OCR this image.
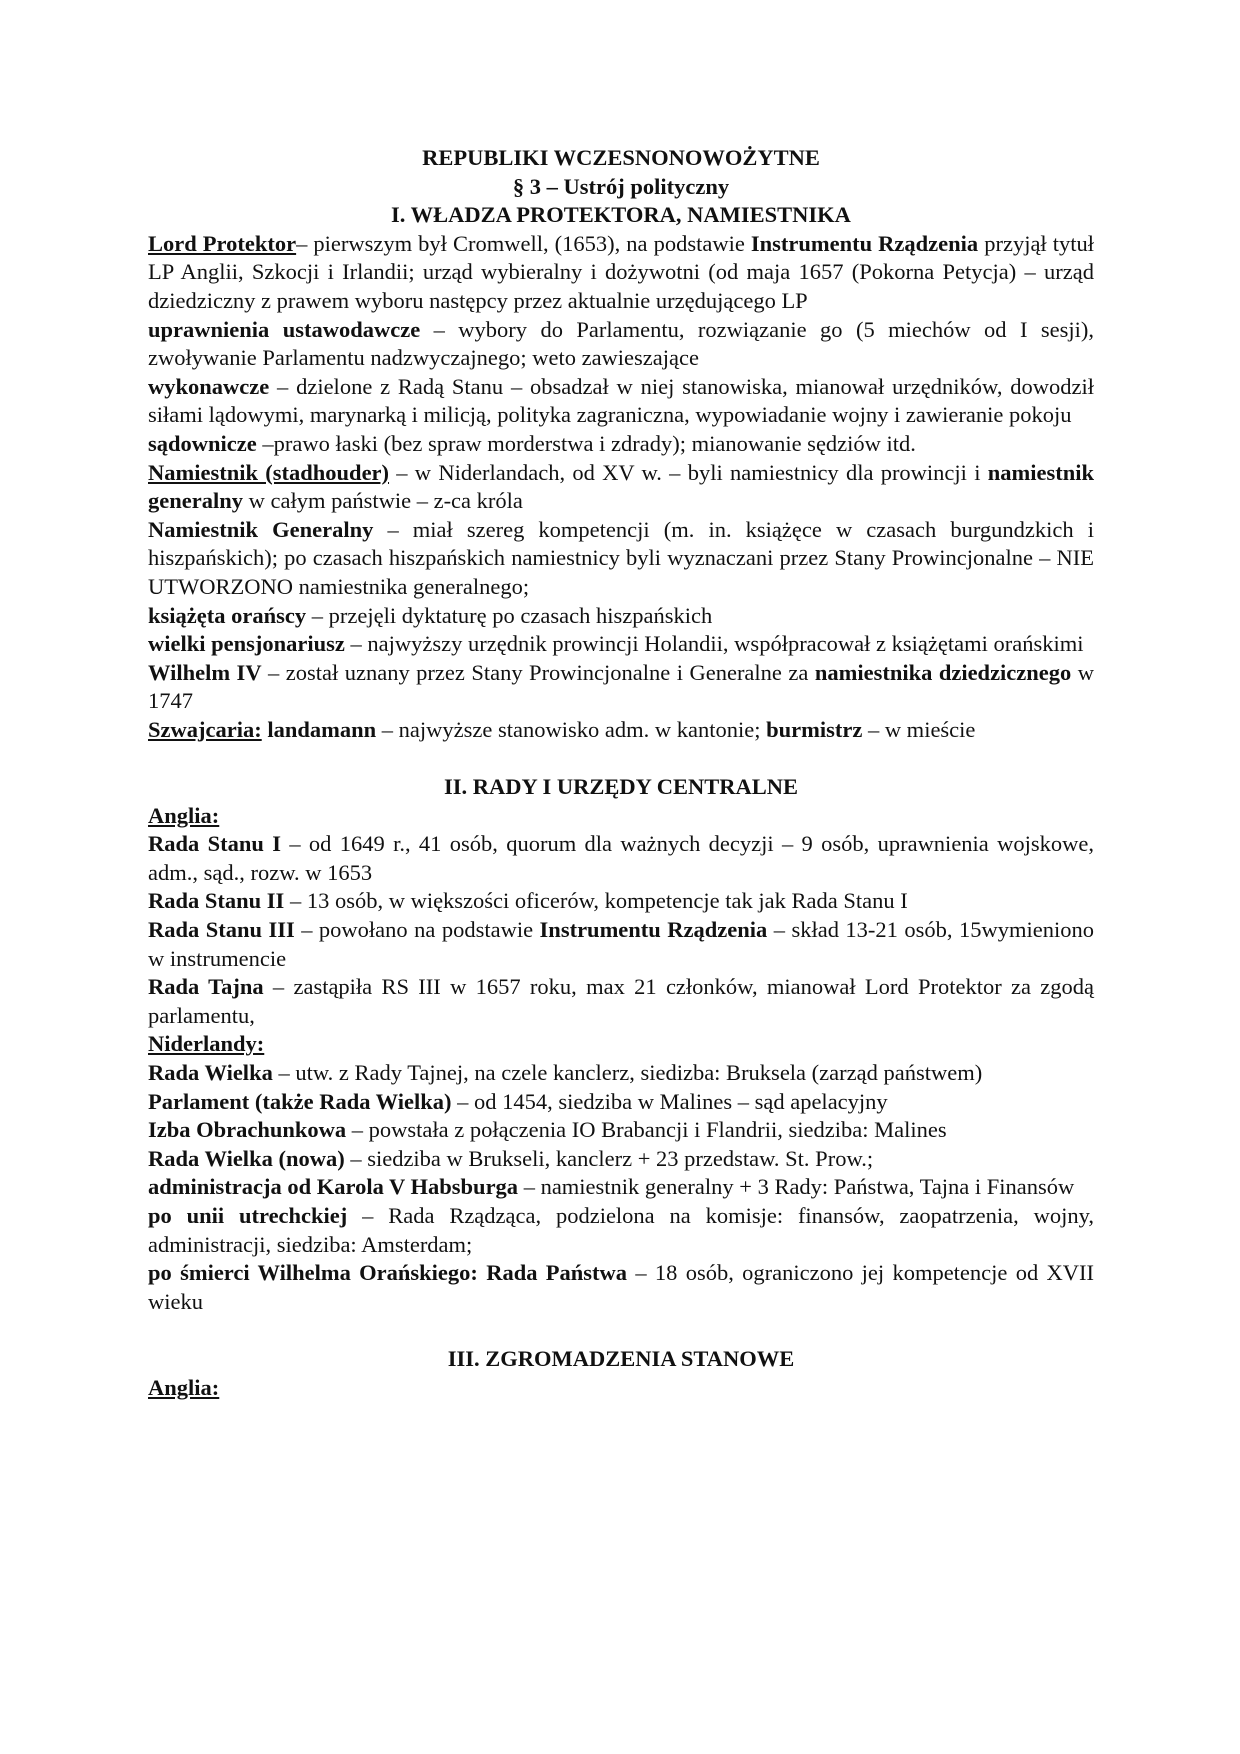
REPUBLIKI WCZESNONOWOŻYTNE
§ 3 – Ustrój polityczny
I. WŁADZA PROTEKTORA, NAMIESTNIKA

Lord Protektor– pierwszym był Cromwell, (1653), na podstawie Instrumentu Rządzenia przyjął tytuł LP Anglii, Szkocji i Irlandii; urząd wybieralny i dożywotni (od maja 1657 (Pokorna Petycja) – urząd dziedziczny z prawem wyboru następcy przez aktualnie urzędującego LP

uprawnienia ustawodawcze – wybory do Parlamentu, rozwiązanie go (5 miechów od I sesji), zwoływanie Parlamentu nadzwyczajnego; weto zawieszające

wykonawcze – dzielone z Radą Stanu – obsadzał w niej stanowiska, mianował urzędników, dowodził siłami lądowymi, marynarką i milicją, polityka zagraniczna, wypowiadanie wojny i zawieranie pokoju

sądownicze –prawo łaski (bez spraw morderstwa i zdrady); mianowanie sędziów itd.

Namiestnik (stadhouder) – w Niderlandach, od XV w. – byli namiestnicy dla prowincji i namiestnik generalny w całym państwie – z-ca króla

Namiestnik Generalny – miał szereg kompetencji (m. in. książęce w czasach burgundzkich i hiszpańskich); po czasach hiszpańskich namiestnicy byli wyznaczani przez Stany Prowincjonalne – NIE UTWORZONO namiestnika generalnego;

książęta orańscy – przejęli dyktaturę po czasach hiszpańskich

wielki pensjonariusz – najwyższy urzędnik prowincji Holandii, współpracował z książętami orańskimi

Wilhelm IV – został uznany przez Stany Prowincjonalne i Generalne za namiestnika dziedzicznego w 1747

Szwajcaria: landamann – najwyższe stanowisko adm. w kantonie; burmistrz – w mieście

II. RADY I URZĘDY CENTRALNE

Anglia:

Rada Stanu I – od 1649 r., 41 osób, quorum dla ważnych decyzji – 9 osób, uprawnienia wojskowe, adm., sąd., rozw. w 1653

Rada Stanu II – 13 osób, w większości oficerów, kompetencje tak jak Rada Stanu I

Rada Stanu III – powołano na podstawie Instrumentu Rządzenia – skład 13-21 osób, 15wymieniono w instrumencie

Rada Tajna – zastąpiła RS III w 1657 roku, max 21 członków, mianował Lord Protektor za zgodą parlamentu,

Niderlandy:

Rada Wielka – utw. z Rady Tajnej, na czele kanclerz, siedizba: Bruksela (zarząd państwem)

Parlament (także Rada Wielka) – od 1454, siedziba w Malines – sąd apelacyjny

Izba Obrachunkowa – powstała z połączenia IO Brabancji i Flandrii, siedziba: Malines

Rada Wielka (nowa) – siedziba w Brukseli, kanclerz + 23 przedstaw. St. Prow.;

administracja od Karola V Habsburga – namiestnik generalny + 3 Rady: Państwa, Tajna i Finansów

po unii utrechckiej – Rada Rządząca, podzielona na komisje: finansów, zaopatrzenia, wojny, administracji, siedziba: Amsterdam;

po śmierci Wilhelma Orańskiego: Rada Państwa – 18 osób, ograniczono jej kompetencje od XVII wieku

III. ZGROMADZENIA STANOWE

Anglia:
